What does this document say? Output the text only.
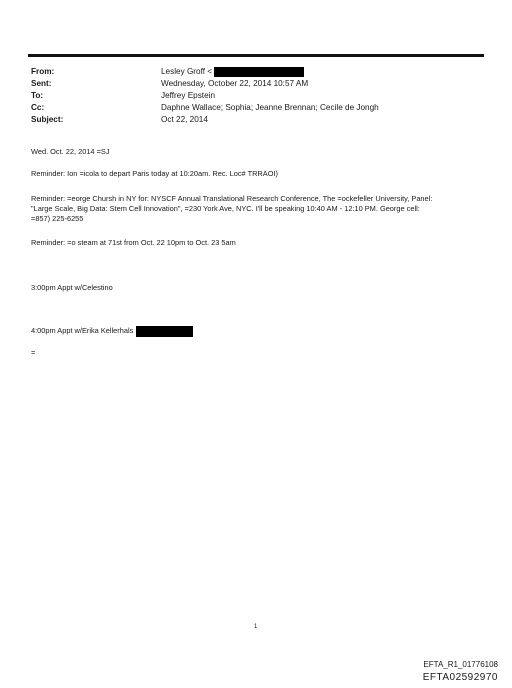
From:
Sent:
To:
Cc:
Subject:
Lesley Groff <
Wednesday, October 22, 2014 10:57 AM
Jeffrey Epstein
Daphne Wallace; Sophia; Jeanne Brennan; Cecile de Jongh
Oct 22, 2014
Wed. Oct. 22, 2014 =SJ
Reminder: Ion =icola to depart Paris today at 10:20am. Rec. Loc# TRRAOI)
Reminder: =eorge Chursh in NY for: NYSCF Annual Translational Research Conference, The =ockefeller University, Panel:
"Large Scale, Big Data: Stem Cell Innovation", =230 York Ave, NYC. I'll be speaking 10:40 AM - 12:10 PM. George cell:
=857) 225-6255
Reminder: =o steam at 71st from Oct. 22 10pm to Oct. 23 5am
3:00pm Appt w/Celestino
4:00pm Appt w/Erika Kellerhals
=
1
EFTA_R1_01776108
EFTA02592970
